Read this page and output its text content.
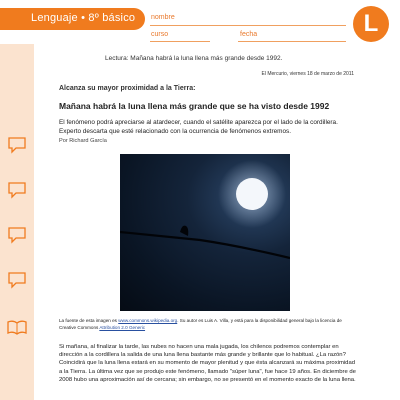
Lenguaje • 8º básico nombre
curso	fecha	L
Lectura: Mañana habrá la luna llena más grande desde 1992.
El Mercurio, viernes 18 de marzo de 2011
Alcanza su mayor proximidad a la Tierra:
Mañana habrá la luna llena más grande que se ha visto desde 1992
El fenómeno podrá apreciarse al atardecer, cuando el satélite aparezca por el lado de la cordillera. Experto descarta que esté relacionado con la ocurrencia de fenómenos extremos.
Por Richard García
La fuente de esta imagen es www.commons.wikipedia.org. Su autor es Luis A. Villa, y está para la disponibilidad general bajo la licencia de Creative Commons Attribution 2.0 Generic
Si mañana, al finalizar la tarde, las nubes no hacen una mala jugada, los chilenos podremos contemplar en dirección a la cordillera la salida de una luna llena bastante más grande y brillante que lo habitual. ¿La razón? Coincidirá que la luna llena estará en su momento de mayor plenitud y que ésta alcanzará su máxima proximidad a la Tierra. La última vez que se produjo este fenómeno, llamado "súper luna", fue hace 19 años. En diciembre de 2008 hubo una aproximación así de cercana; sin embargo, no se presentó en el momento exacto de la luna llena.
